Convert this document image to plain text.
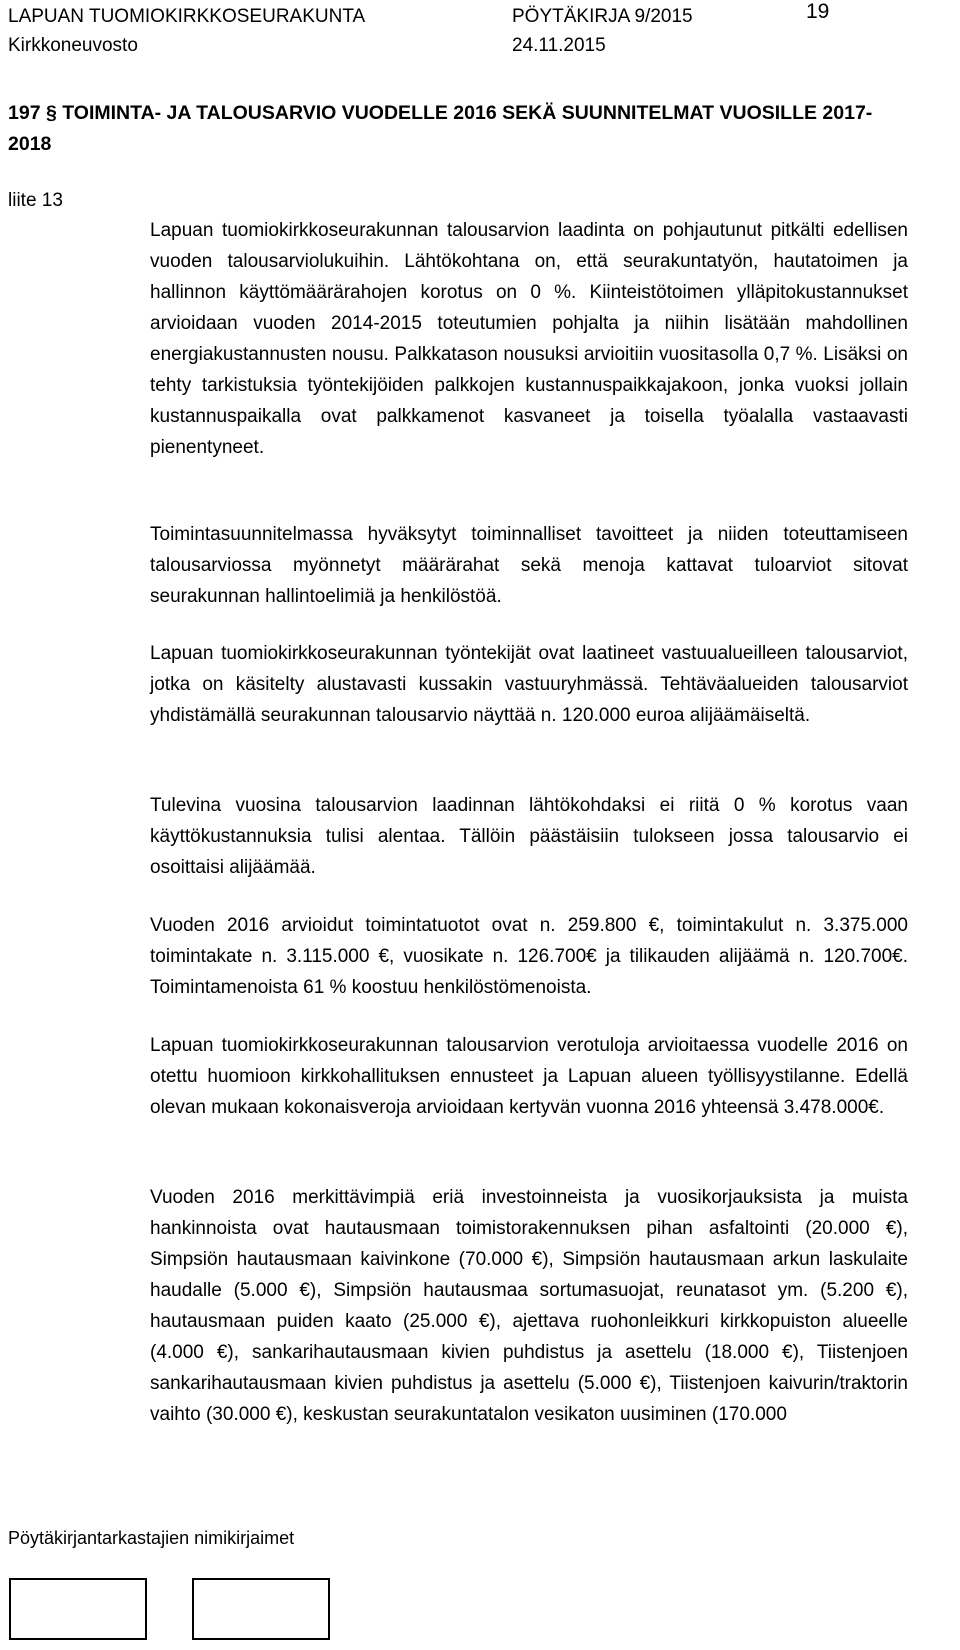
LAPUAN TUOMIOKIRKKOSEURAKUNTA	PÖYTÄKIRJA 9/2015	19
Kirkkoneuvosto	24.11.2015
197 § TOIMINTA- JA TALOUSARVIO VUODELLE 2016 SEKÄ SUUNNITELMAT VUOSILLE 2017-2018
liite 13
Lapuan tuomiokirkkoseurakunnan talousarvion laadinta on pohjautunut pitkälti edellisen vuoden talousarviolukuihin. Lähtökohtana on, että seurakuntatyön, hautatoimen ja hallinnon käyttömäärärahojen korotus on 0 %. Kiinteistötoimen ylläpitokustannukset arvioidaan vuoden 2014-2015 toteutumien pohjalta ja niihin lisätään mahdollinen energiakustannusten nousu. Palkkatason nousuksi arvioitiin vuositasolla 0,7 %. Lisäksi on tehty tarkistuksia työntekijöiden palkkojen kustannuspaikkajakoon, jonka vuoksi jollain kustannuspaikalla ovat palkkamenot kasvaneet ja toisella työalalla vastaavasti pienentyneet.
Toimintasuunnitelmassa hyväksytyt toiminnalliset tavoitteet ja niiden toteuttamiseen talousarviossa myönnetyt määrärahat sekä menoja kattavat tuloarviot sitovat seurakunnan hallintoelimiä ja henkilöstöä.
Lapuan tuomiokirkkoseurakunnan työntekijät ovat laatineet vastuualueilleen talousarviot, jotka on käsitelty alustavasti kussakin vastuuryhmässä. Tehtäväalueiden talousarviot yhdistämällä seurakunnan talousarvio näyttää n. 120.000 euroa alijäämäiseltä.
Tulevina vuosina talousarvion laadinnan lähtökohdaksi ei riitä 0 % korotus vaan käyttökustannuksia tulisi alentaa. Tällöin päästäisiin tulokseen jossa talousarvio ei osoittaisi alijäämää.
Vuoden 2016 arvioidut toimintatuotot ovat n. 259.800 €, toimintakulut n. 3.375.000 toimintakate n. 3.115.000 €, vuosikate n. 126.700€ ja tilikauden alijäämä n. 120.700€. Toimintamenoista 61 % koostuu henkilöstömenoista.
Lapuan tuomiokirkkoseurakunnan talousarvion verotuloja arvioitaessa vuodelle 2016 on otettu huomioon kirkkohallituksen ennusteet ja Lapuan alueen työllisyystilanne. Edellä olevan mukaan kokonaisveroja arvioidaan kertyvän vuonna 2016 yhteensä 3.478.000€.
Vuoden 2016 merkittävimpiä eriä investoinneista ja vuosikorjauksista ja muista hankinnoista ovat hautausmaan toimistorakennuksen pihan asfaltointi (20.000 €), Simpsiön hautausmaan kaivinkone (70.000 €), Simpsiön hautausmaan arkun laskulaite haudalle (5.000 €), Simpsiön hautausmaa sortumasuojat, reunatasot ym. (5.200 €), hautausmaan puiden kaato (25.000 €), ajettava ruohonleikkuri kirkkopuiston alueelle (4.000 €), sankarihautausmaan kivien puhdistus ja asettelu (18.000 €), Tiistenjoen sankarihautausmaan kivien puhdistus ja asettelu (5.000 €), Tiistenjoen kaivurin/traktorin vaihto (30.000 €), keskustan seurakuntatalon vesikaton uusiminen (170.000
Pöytäkirjantarkastajien nimikirjaimet
